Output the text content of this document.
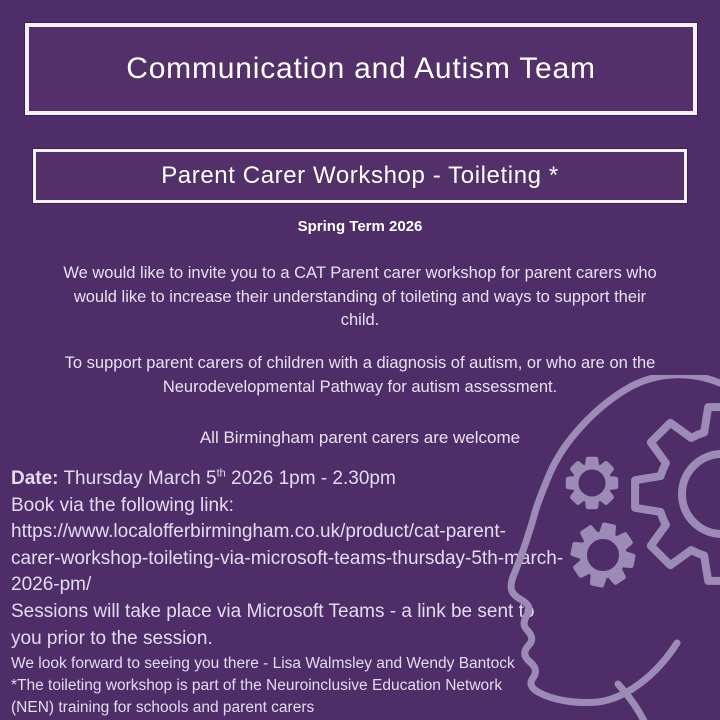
Communication and Autism Team
Parent Carer Workshop - Toileting *
Spring Term 2026
We would like to invite you to a CAT Parent carer workshop for parent carers who
would like to increase their understanding of toileting and ways to support their
child.
To support parent carers of children with a diagnosis of autism, or who are on the
Neurodevelopmental Pathway for autism assessment.
All Birmingham parent carers are welcome
Date: Thursday March 5th 2026 1pm - 2.30pm
Book via the following link:
https://www.localofferbirmingham.co.uk/product/cat-parent-
carer-workshop-toileting-via-microsoft-teams-thursday-5th-march-
2026-pm/
Sessions will take place via Microsoft Teams - a link be sent to
you prior to the session.
We look forward to seeing you there - Lisa Walmsley and Wendy Bantock
*The toileting workshop is part of the Neuroinclusive Education Network
(NEN) training for schools and parent carers
